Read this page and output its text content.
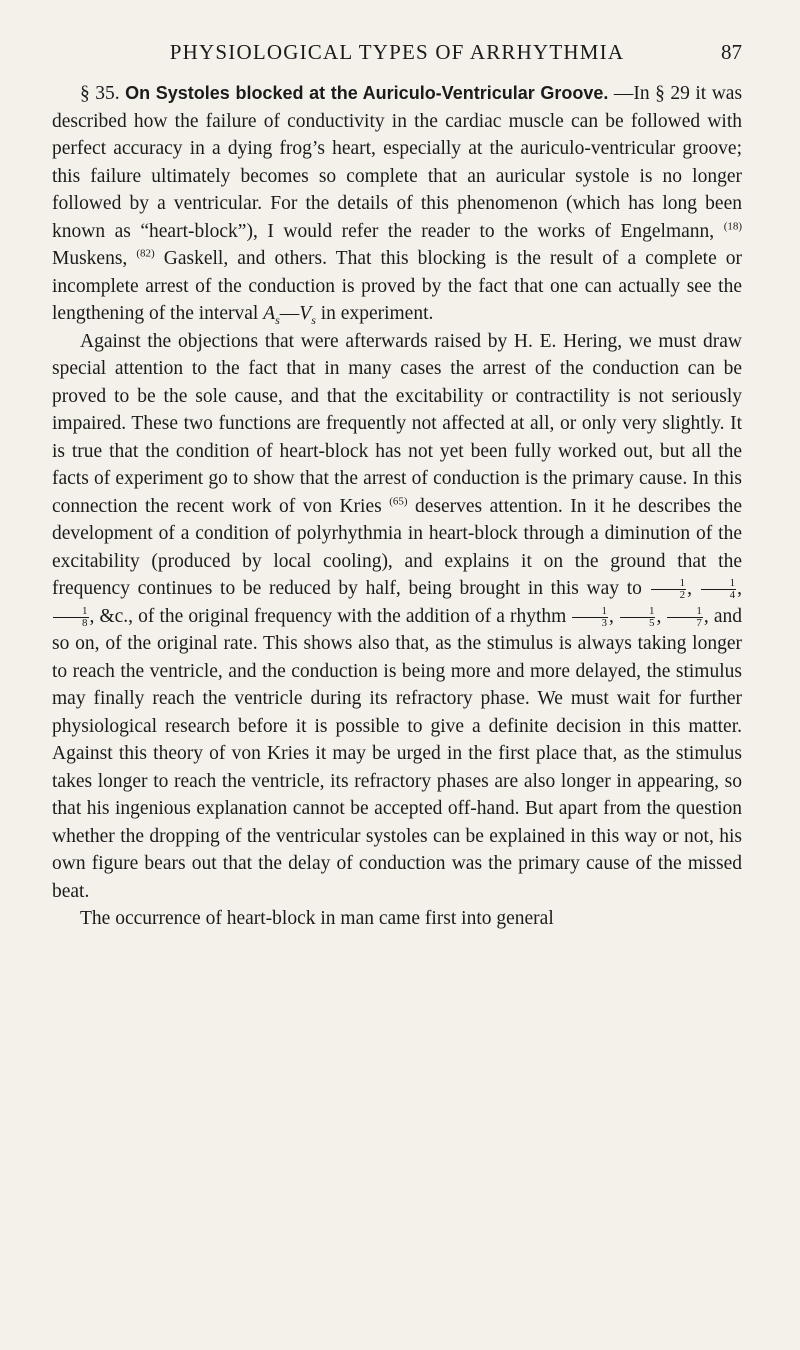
PHYSIOLOGICAL TYPES OF ARRHYTHMIA	87

§ 35. On Systoles blocked at the Auriculo-Ventricular Groove. —In § 29 it was described how the failure of conductivity in the cardiac muscle can be followed with perfect accuracy in a dying frog’s heart, especially at the auriculo-ventricular groove; this failure ultimately becomes so complete that an auricular systole is no longer followed by a ventricular. For the details of this phenomenon (which has long been known as “heart-block”), I would refer the reader to the works of Engelmann, $^{(18)}$ Muskens, $^{(82)}$ Gaskell, and others. That this blocking is the result of a complete or incomplete arrest of the conduction is proved by the fact that one can actually see the lengthening of the interval $A_s—V_s$ in experiment.

Against the objections that were afterwards raised by H. E. Hering, we must draw special attention to the fact that in many cases the arrest of the conduction can be proved to be the sole cause, and that the excitability or contractility is not seriously impaired. These two functions are frequently not affected at all, or only very slightly. It is true that the condition of heart-block has not yet been fully worked out, but all the facts of experiment go to show that the arrest of conduction is the primary cause. In this connection the recent work of von Kries $^{(65)}$ deserves attention. In it he describes the development of a condition of polyrhythmia in heart-block through a diminution of the excitability (produced by local cooling), and explains it on the ground that the frequency continues to be reduced by half, being brought in this way to $\frac{1}{2}$ , $\frac{1}{4}$ ,
$\frac{1}{8}$ , &c., of the original frequency with the addition of a rhythm $\frac{1}{3}$ , $\frac{1}{5}$ , $\frac{1}{7}$ , and so on, of the original rate. This shows also that, as the stimulus is always taking longer to reach the ventricle, and the conduction is being more and more delayed, the stimulus may finally reach the ventricle during its refractory phase. We must wait for further physiological research before it is possible to give a definite decision in this matter. Against this theory of von Kries it may be urged in the first place that, as the stimulus takes longer to reach the ventricle, its refractory phases are also longer in appearing, so that his ingenious explanation cannot be accepted off-hand. But apart from the question whether the dropping of the ventricular systoles can be explained in this way or not, his own figure bears out that the delay of conduction was the primary cause of the missed beat.

The occurrence of heart-block in man came first into general
